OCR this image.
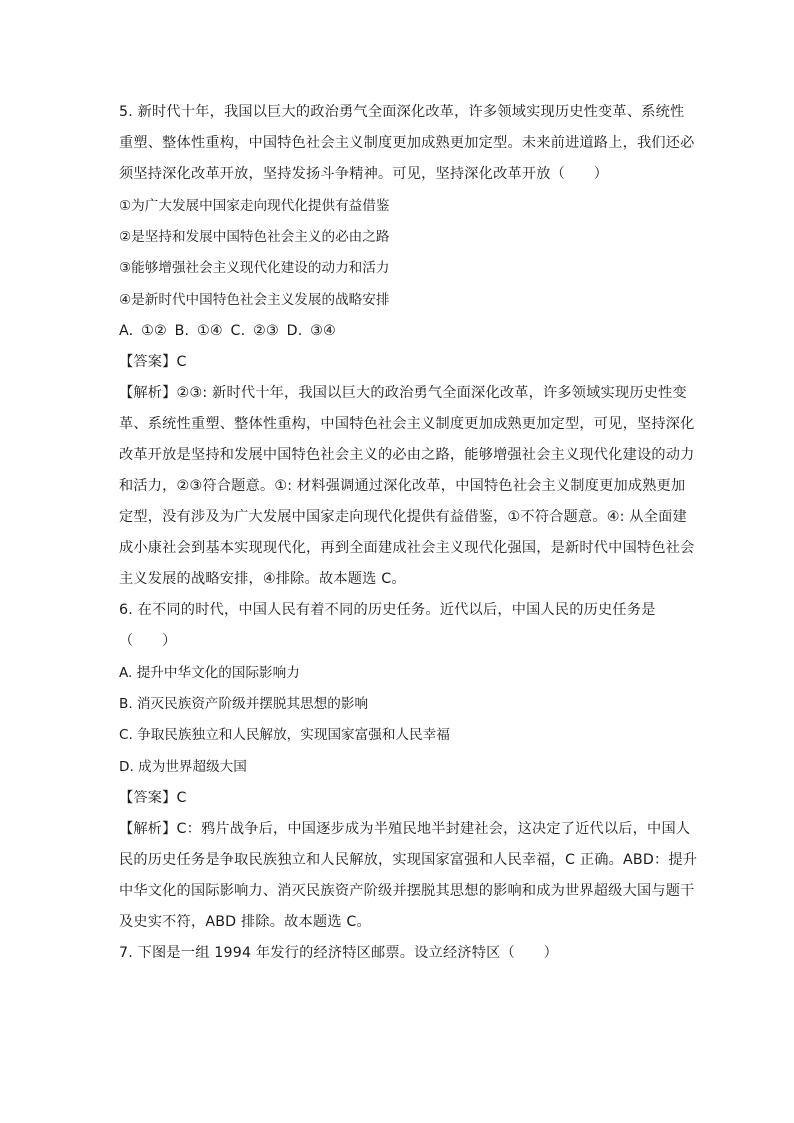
5. 新时代十年，我国以巨大的政治勇气全面深化改革，许多领域实现历史性变革、系统性
重塑、整体性重构，中国特色社会主义制度更加成熟更加定型。未来前进道路上，我们还必
须坚持深化改革开放，坚持发扬斗争精神。可见，坚持深化改革开放（　　）
①为广大发展中国家走向现代化提供有益借鉴
②是坚持和发展中国特色社会主义的必由之路
③能够增强社会主义现代化建设的动力和活力
④是新时代中国特色社会主义发展的战略安排
A. ①② B. ①④ C. ②③ D. ③④
【答案】C
【解析】②③: 新时代十年，我国以巨大的政治勇气全面深化改革，许多领域实现历史性变
革、系统性重塑、整体性重构，中国特色社会主义制度更加成熟更加定型，可见，坚持深化
改革开放是坚持和发展中国特色社会主义的必由之路，能够增强社会主义现代化建设的动力
和活力，②③符合题意。①: 材料强调通过深化改革，中国特色社会主义制度更加成熟更加
定型，没有涉及为广大发展中国家走向现代化提供有益借鉴，①不符合题意。④: 从全面建
成小康社会到基本实现现代化，再到全面建成社会主义现代化强国，是新时代中国特色社会
主义发展的战略安排，④排除。故本题选 C。
6. 在不同的时代，中国人民有着不同的历史任务。近代以后，中国人民的历史任务是
（　　）
A. 提升中华文化的国际影响力
B. 消灭民族资产阶级并摆脱其思想的影响
C. 争取民族独立和人民解放，实现国家富强和人民幸福
D. 成为世界超级大国
【答案】C
【解析】C：鸦片战争后，中国逐步成为半殖民地半封建社会，这决定了近代以后，中国人
民的历史任务是争取民族独立和人民解放，实现国家富强和人民幸福，C 正确。ABD：提升
中华文化的国际影响力、消灭民族资产阶级并摆脱其思想的影响和成为世界超级大国与题干
及史实不符，ABD 排除。故本题选 C。
7. 下图是一组 1994 年发行的经济特区邮票。设立经济特区（　　）
